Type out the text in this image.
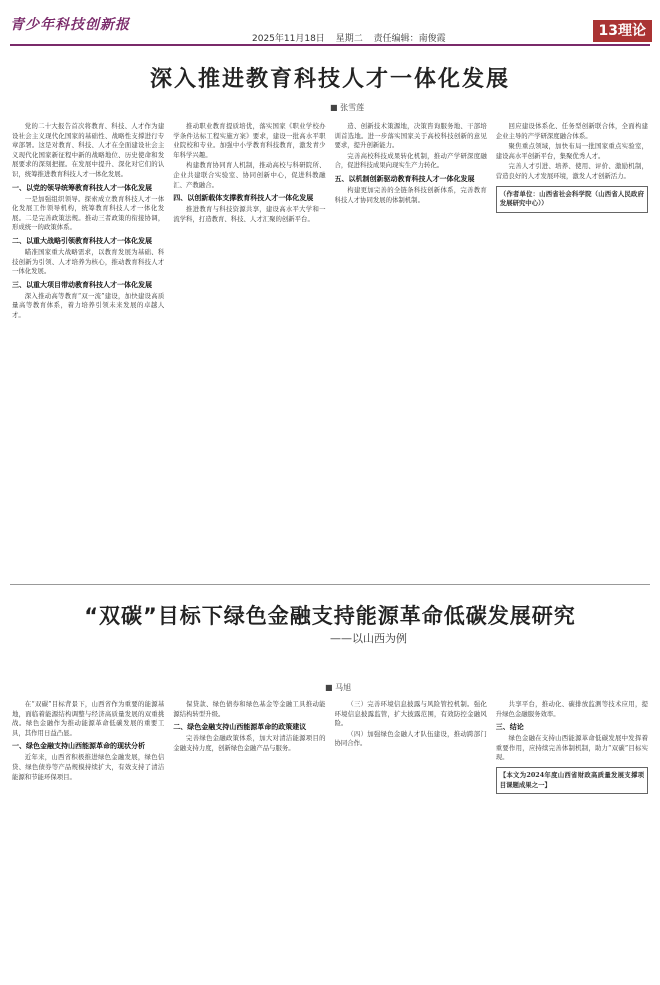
青少年科技创新报
2025年11月18日 星期二 责任编辑：南俊霞	13理论
深入推进教育科技人才一体化发展
■ 张雪莲

党的二十大报告首次将教育、科技、人才作为建设社会主义现代化国家的基础性、战略性支撑进行专章部署。这是对教育、科技、人才在全面建设社会主义现代化国家新征程中新的战略地位、历史使命和发展要求的深刻把握。在发展中提升、深化对它们的认识，统筹推进教育科技人才一体化发展。

一、以党的领导统筹教育科技人才一体化发展

一是加强组织领导。探索成立教育科技人才一体化发展工作领导机构，统筹教育科技人才一体化发展。二是完善政策法规。推动三者政策的衔接协调，形成统一的政策体系。

二、以重大战略引领教育科技人才一体化发展

瞄准国家重大战略需求，以教育发展为基础、科技创新为引领、人才培养为核心，推动教育科技人才一体化发展。

三、以重大项目带动教育科技人才一体化发展

深入推动高等教育“双一流”建设，加快建设高质量高等教育体系，着力培养引领未来发展的卓越人才。

推动职业教育提质培优，落实国家《职业学校办学条件达标工程实施方案》要求，建设一批高水平职业院校和专业。加强中小学教育科技教育，激发青少年科学兴趣。

构建教育协同育人机制，推动高校与科研院所、企业共建联合实验室、协同创新中心，促进科教融汇、产教融合。

四、以创新载体支撑教育科技人才一体化发展

推进教育与科技资源共享，建设高水平大学和一流学科，打造教育、科技、人才汇聚的创新平台。

造、创新技术策源地，决策咨询服务地、干部培训首选地。进一步落实国家关于高校科技创新的意见要求，提升创新能力。

完善高校科技成果转化机制，推动产学研深度融合，促进科技成果向现实生产力转化。

五、以机制创新驱动教育科技人才一体化发展

构建更加完善的全链条科技创新体系，完善教育科技人才协同发展的体制机制。

回应建设体系化、任务型创新联合体，全面构建企业主导的产学研深度融合体系。

聚焦重点领域，加快布局一批国家重点实验室，建设高水平创新平台，集聚优秀人才。

完善人才引进、培养、使用、评价、激励机制，营造良好的人才发展环境，激发人才创新活力。

（作者单位：山西省社会科学院（山西省人民政府发展研究中心））
“双碳”目标下绿色金融支持能源革命低碳发展研究
——以山西为例
■ 马旭

在“双碳”目标背景下，山西省作为重要的能源基地，面临着能源结构调整与经济高质量发展的双重挑战。绿色金融作为推动能源革命低碳发展的重要工具，其作用日益凸显。

一、绿色金融支持山西能源革命的现状分析

近年来，山西省积极推进绿色金融发展，绿色信贷、绿色债券等产品规模持续扩大，有效支持了清洁能源和节能环保项目。

保贷款、绿色债券和绿色基金等金融工具推动能源结构转型升级。

二、绿色金融支持山西能源革命的政策建议

完善绿色金融政策体系，加大对清洁能源项目的金融支持力度，创新绿色金融产品与服务。

（三）完善环境信息披露与风险管控机制。强化环境信息披露监管，扩大披露范围，有效防控金融风险。

（四）加强绿色金融人才队伍建设，推动跨部门协同合作。

共享平台，推动化、碳排放监测等技术应用，提升绿色金融服务效率。

三、结论

绿色金融在支持山西能源革命低碳发展中发挥着重要作用，应持续完善体制机制，助力“双碳”目标实现。

【本文为2024年度山西省财政高质量发展支撑项目课题成果之一】
